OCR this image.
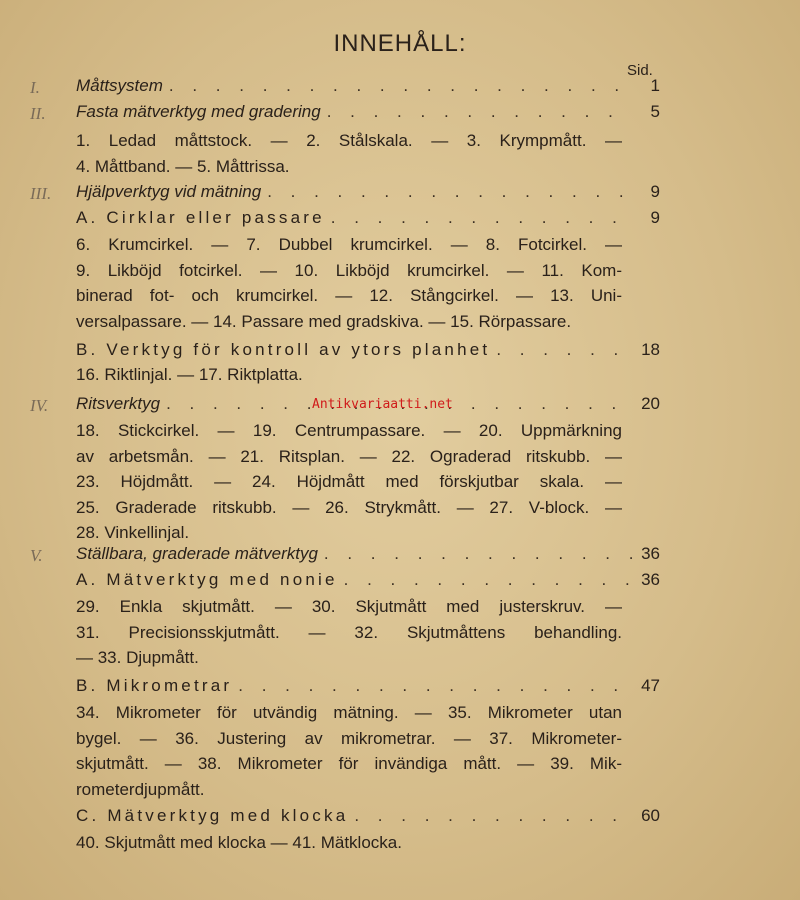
INNEHÅLL:
Sid.
I.	Måttsystem . . .	1
II.	Fasta mätverktyg med gradering . . .	5
1. Ledad måttstock. — 2. Stålskala. — 3. Krympmått. —
4. Måttband. — 5. Måttrissa.
III.	Hjälpverktyg vid mätning . . .	9
A. Cirklar eller passare . . .	9
6. Krumcirkel. — 7. Dubbel krumcirkel. — 8. Fotcirkel. —
9. Likböjd fotcirkel. — 10. Likböjd krumcirkel. — 11. Kom-
binerad fot- och krumcirkel. — 12. Stångcirkel. — 13. Uni-
versalpassare. — 14. Passare med gradskiva. — 15. Rörpassare.
B. Verktyg för kontroll av ytors planhet . . .	18
16. Riktlinjal. — 17. Riktplatta.
IV.	Ritsverktyg . . .	20
18. Stickcirkel. — 19. Centrumpassare. — 20. Uppmärkning
av arbetsmån. — 21. Ritsplan. — 22. Ograderad ritskubb. —
23. Höjdmått. — 24. Höjdmått med förskjutbar skala. —
25. Graderade ritskubb. — 26. Strykmått. — 27. V-block. —
28. Vinkellinjal.
V.	Ställbara, graderade mätverktyg . . .	36
A. Mätverktyg med nonie . . .	36
29. Enkla skjutmått. — 30. Skjutmått med justerskruv. —
31. Precisionsskjutmått. — 32. Skjutmåttens behandling.
— 33. Djupmått.
B. Mikrometrar . . .	47
34. Mikrometer för utvändig mätning. — 35. Mikrometer utan
bygel. — 36. Justering av mikrometrar. — 37. Mikrometer-
skjutmått. — 38. Mikrometer för invändiga mått. — 39. Mik-
rometerdjupmått.
C. Mätverktyg med klocka . . .	60
40. Skjutmått med klocka — 41. Mätklocka.
Antikvariaatti.net
